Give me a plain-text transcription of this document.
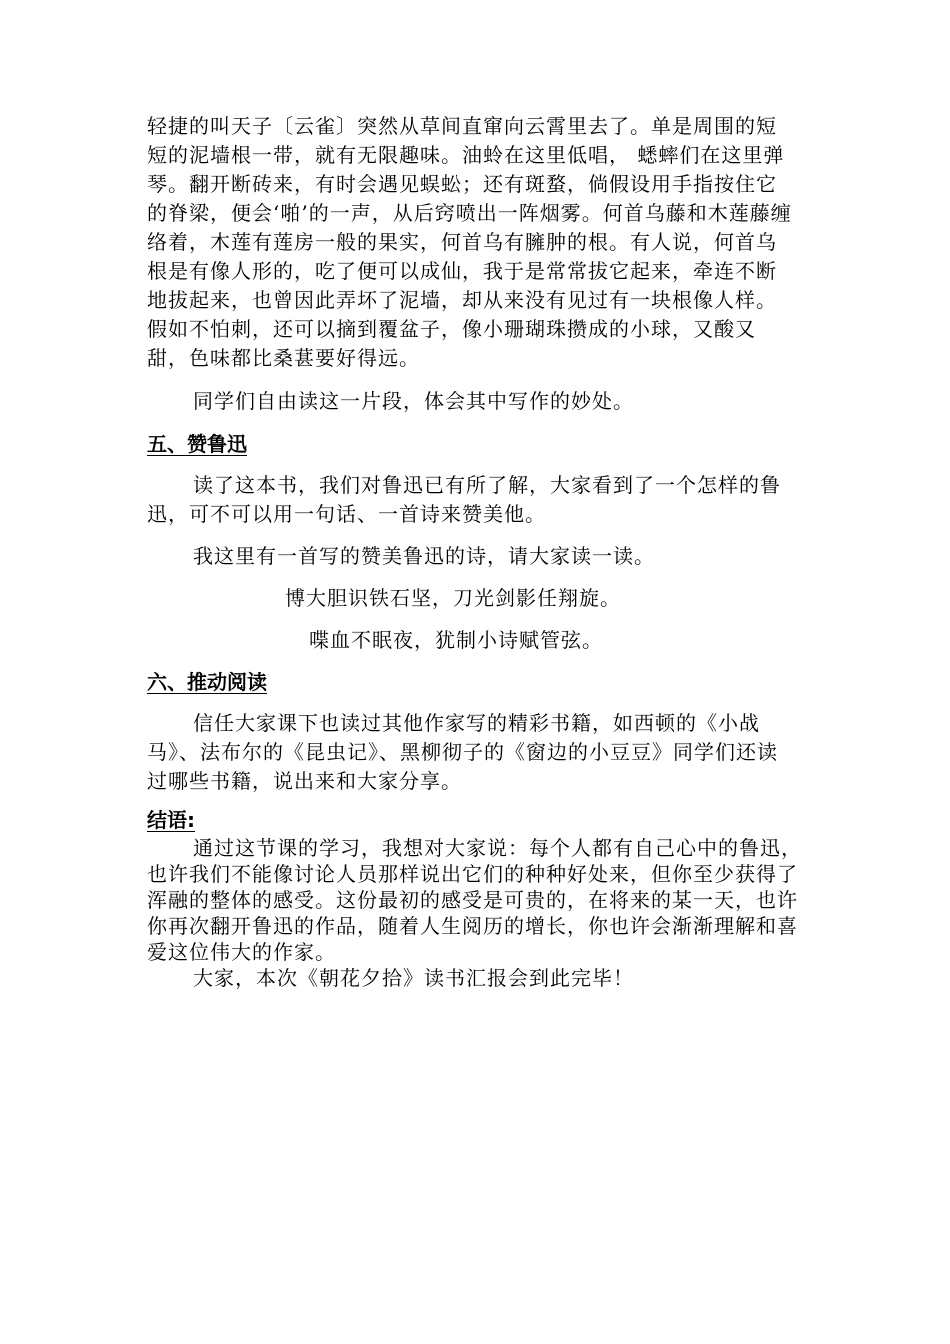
轻捷的叫天子〔云雀〕突然从草间直窜向云霄里去了。单是周围的短短的泥墙根一带，就有无限趣味。油蛉在这里低唱， 蟋蟀们在这里弹琴。翻开断砖来，有时会遇见蜈蚣；还有斑蝥，倘假设用手指按住它的脊梁，便会‘啪’的一声，从后窍喷出一阵烟雾。何首乌藤和木莲藤缠络着，木莲有莲房一般的果实，何首乌有臃肿的根。有人说，何首乌根是有像人形的，吃了便可以成仙，我于是常常拔它起来，牵连不断地拔起来，也曾因此弄坏了泥墙，却从来没有见过有一块根像人样。假如不怕刺，还可以摘到覆盆子，像小珊瑚珠攒成的小球，又酸又甜，色味都比桑葚要好得远。

同学们自由读这一片段，体会其中写作的妙处。

五、赞鲁迅

读了这本书，我们对鲁迅已有所了解，大家看到了一个怎样的鲁迅，可不可以用一句话、一首诗来赞美他。

我这里有一首写的赞美鲁迅的诗，请大家读一读。

博大胆识铁石坚，刀光剑影任翔旋。
喋血不眠夜，犹制小诗赋管弦。
六、推动阅读

信任大家课下也读过其他作家写的精彩书籍，如西顿的《小战马》、法布尔的《昆虫记》、黑柳彻子的《窗边的小豆豆》同学们还读过哪些书籍，说出来和大家分享。

结语:

通过这节课的学习，我想对大家说：每个人都有自己心中的鲁迅，也许我们不能像讨论人员那样说出它们的种种好处来，但你至少获得了浑融的整体的感受。这份最初的感受是可贵的，在将来的某一天，也许你再次翻开鲁迅的作品，随着人生阅历的增长，你也许会渐渐理解和喜爱这位伟大的作家。

大家，本次《朝花夕拾》读书汇报会到此完毕！
